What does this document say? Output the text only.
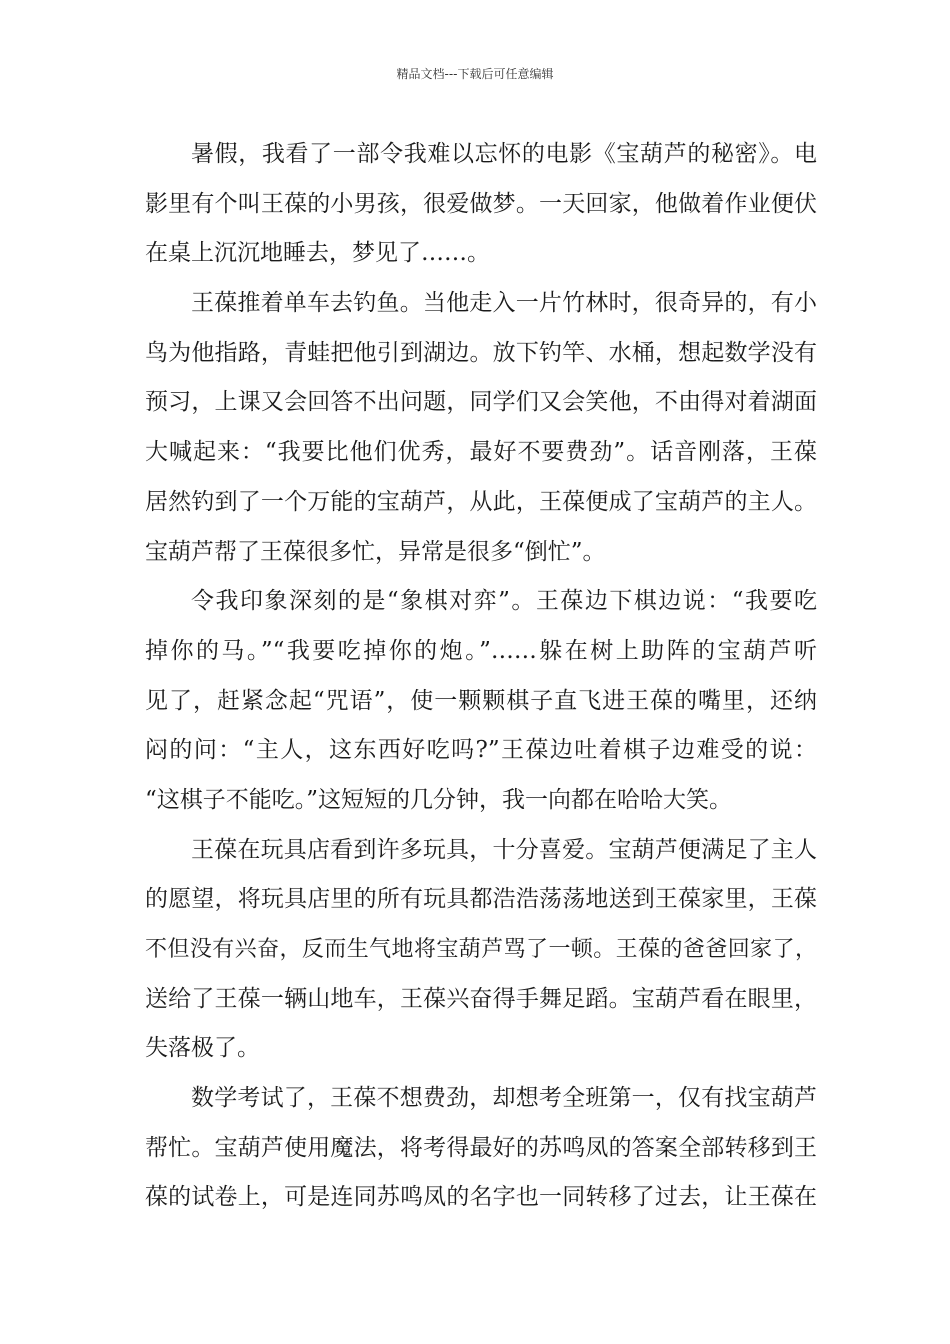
精品文档---下载后可任意编辑
暑假，我看了一部令我难以忘怀的电影《宝葫芦的秘密》。电
影里有个叫王葆的小男孩，很爱做梦。一天回家，他做着作业便伏
在桌上沉沉地睡去，梦见了……。
王葆推着单车去钓鱼。当他走入一片竹林时，很奇异的，有小
鸟为他指路，青蛙把他引到湖边。放下钓竿、水桶，想起数学没有
预习，上课又会回答不出问题，同学们又会笑他，不由得对着湖面
大喊起来：“我要比他们优秀，最好不要费劲”。话音刚落，王葆
居然钓到了一个万能的宝葫芦，从此，王葆便成了宝葫芦的主人。
宝葫芦帮了王葆很多忙，异常是很多“倒忙”。
令我印象深刻的是“象棋对弈”。王葆边下棋边说：“我要吃
掉你的马。”“我要吃掉你的炮。”……躲在树上助阵的宝葫芦听
见了，赶紧念起“咒语”，使一颗颗棋子直飞进王葆的嘴里，还纳
闷的问：“主人，这东西好吃吗?”王葆边吐着棋子边难受的说：
“这棋子不能吃。”这短短的几分钟，我一向都在哈哈大笑。
王葆在玩具店看到许多玩具，十分喜爱。宝葫芦便满足了主人
的愿望，将玩具店里的所有玩具都浩浩荡荡地送到王葆家里，王葆
不但没有兴奋，反而生气地将宝葫芦骂了一顿。王葆的爸爸回家了，
送给了王葆一辆山地车，王葆兴奋得手舞足蹈。宝葫芦看在眼里，
失落极了。
数学考试了，王葆不想费劲，却想考全班第一，仅有找宝葫芦
帮忙。宝葫芦使用魔法，将考得最好的苏鸣凤的答案全部转移到王
葆的试卷上，可是连同苏鸣凤的名字也一同转移了过去，让王葆在
